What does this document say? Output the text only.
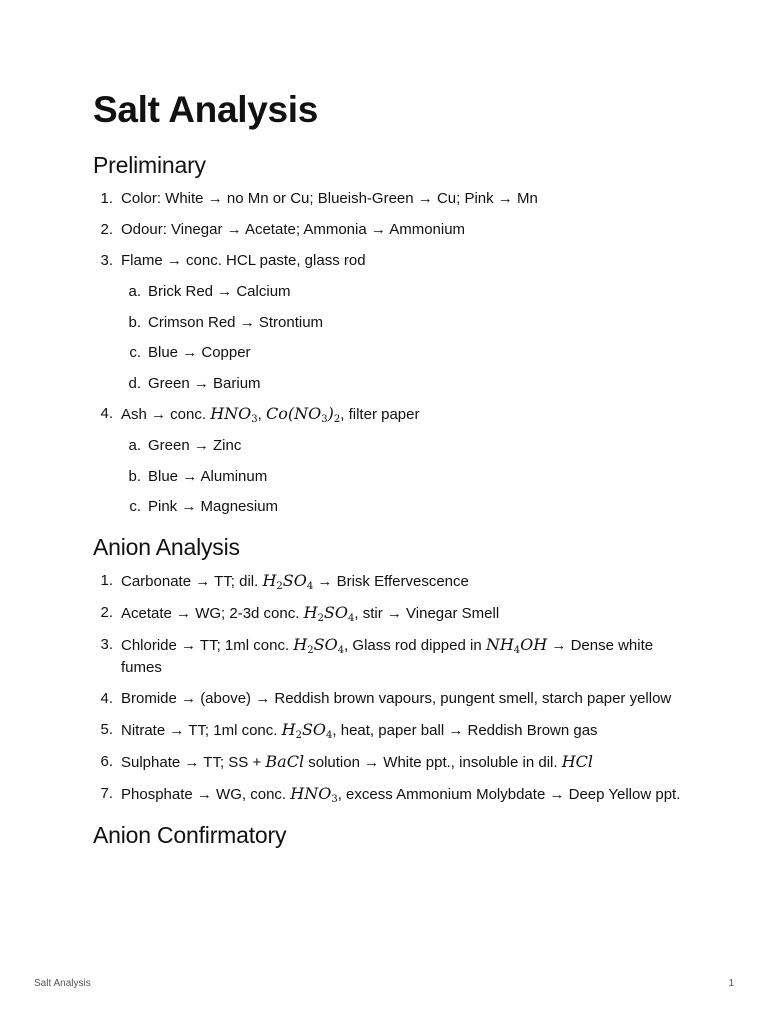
Salt Analysis
Preliminary
1. Color: White → no Mn or Cu; Blueish-Green → Cu; Pink → Mn
2. Odour: Vinegar → Acetate; Ammonia → Ammonium
3. Flame → conc. HCL paste, glass rod
a. Brick Red → Calcium
b. Crimson Red → Strontium
c. Blue → Copper
d. Green → Barium
4. Ash → conc. $HNO_3$, $Co(NO_3)_2$, filter paper
a. Green → Zinc
b. Blue → Aluminum
c. Pink → Magnesium
Anion Analysis
1. Carbonate → TT; dil. $H_2SO_4$ → Brisk Effervescence
2. Acetate → WG; 2-3d conc. $H_2SO_4$, stir → Vinegar Smell
3. Chloride → TT; 1ml conc. $H_2SO_4$, Glass rod dipped in $NH_4OH$ → Dense white fumes
4. Bromide → (above) → Reddish brown vapours, pungent smell, starch paper yellow
5. Nitrate → TT; 1ml conc. $H_2SO_4$, heat, paper ball → Reddish Brown gas
6. Sulphate → TT; SS + BaCl solution → White ppt., insoluble in dil. HCl
7. Phosphate → WG, conc. $HNO_3$, excess Ammonium Molybdate → Deep Yellow ppt.
Anion Confirmatory
Salt Analysis	1
